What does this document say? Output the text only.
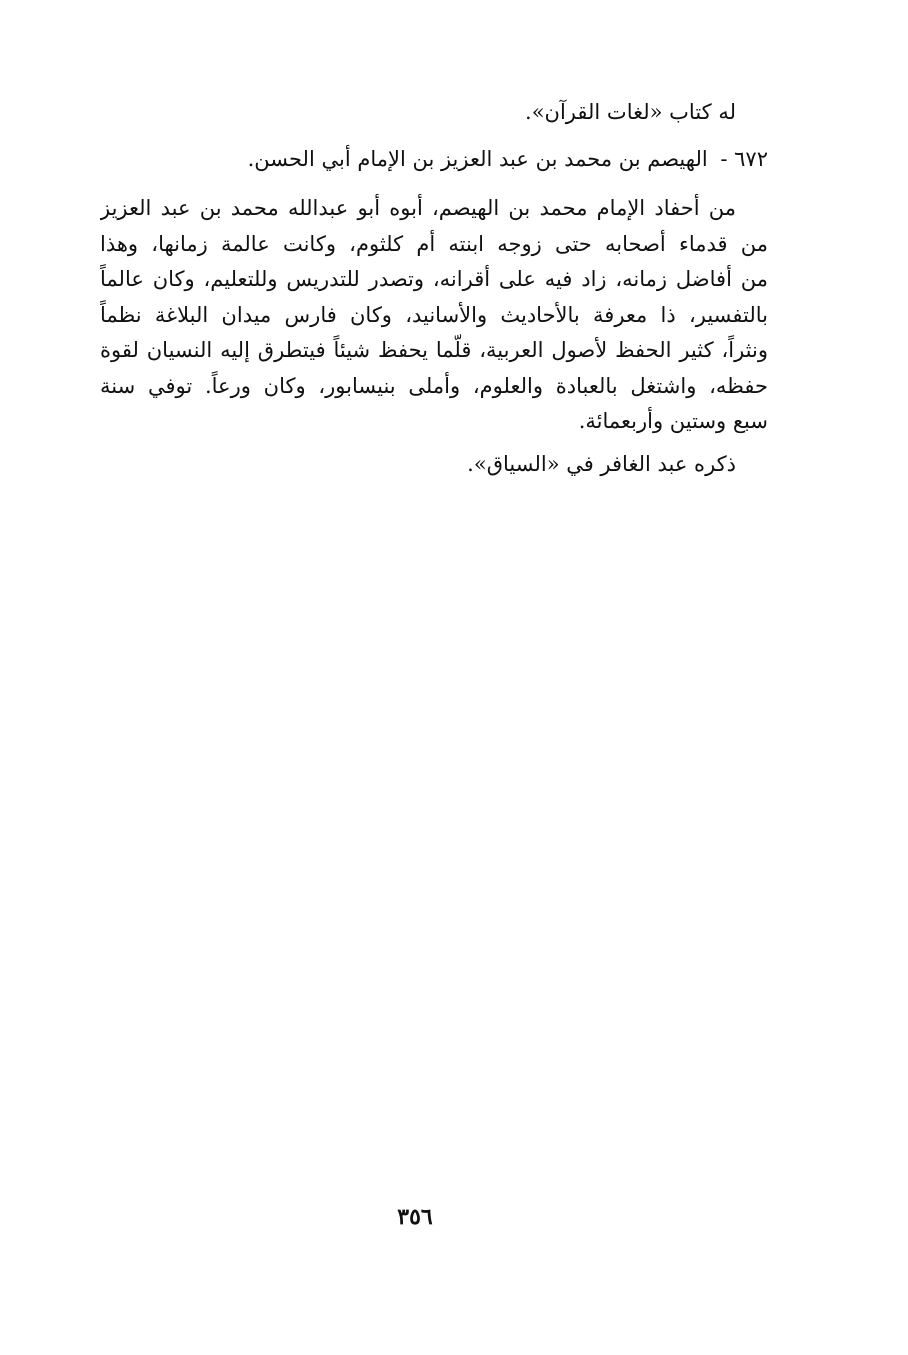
له كتاب «لغات القرآن».
٦٧٢ - الهيصم بن محمد بن عبد العزيز بن الإمام أبي الحسن.
من أحفاد الإمام محمد بن الهيصم، أبوه أبو عبدالله محمد بن عبد العزيز
من قدماء أصحابه حتى زوجه ابنته أم كلثوم، وكانت عالمة زمانها، وهذا
من أفاضل زمانه، زاد فيه على أقرانه، وتصدر للتدريس وللتعليم، وكان عالماً
بالتفسير، ذا معرفة بالأحاديث والأسانيد، وكان فارس ميدان البلاغة نظماً
ونثراً، كثير الحفظ لأصول العربية، قلّما يحفظ شيئاً فيتطرق إليه النسيان لقوة
حفظه، واشتغل بالعبادة والعلوم، وأملى بنيسابور، وكان ورعاً. توفي سنة
سبع وستين وأربعمائة.
ذكره عبد الغافر في «السياق».
٣٥٦
